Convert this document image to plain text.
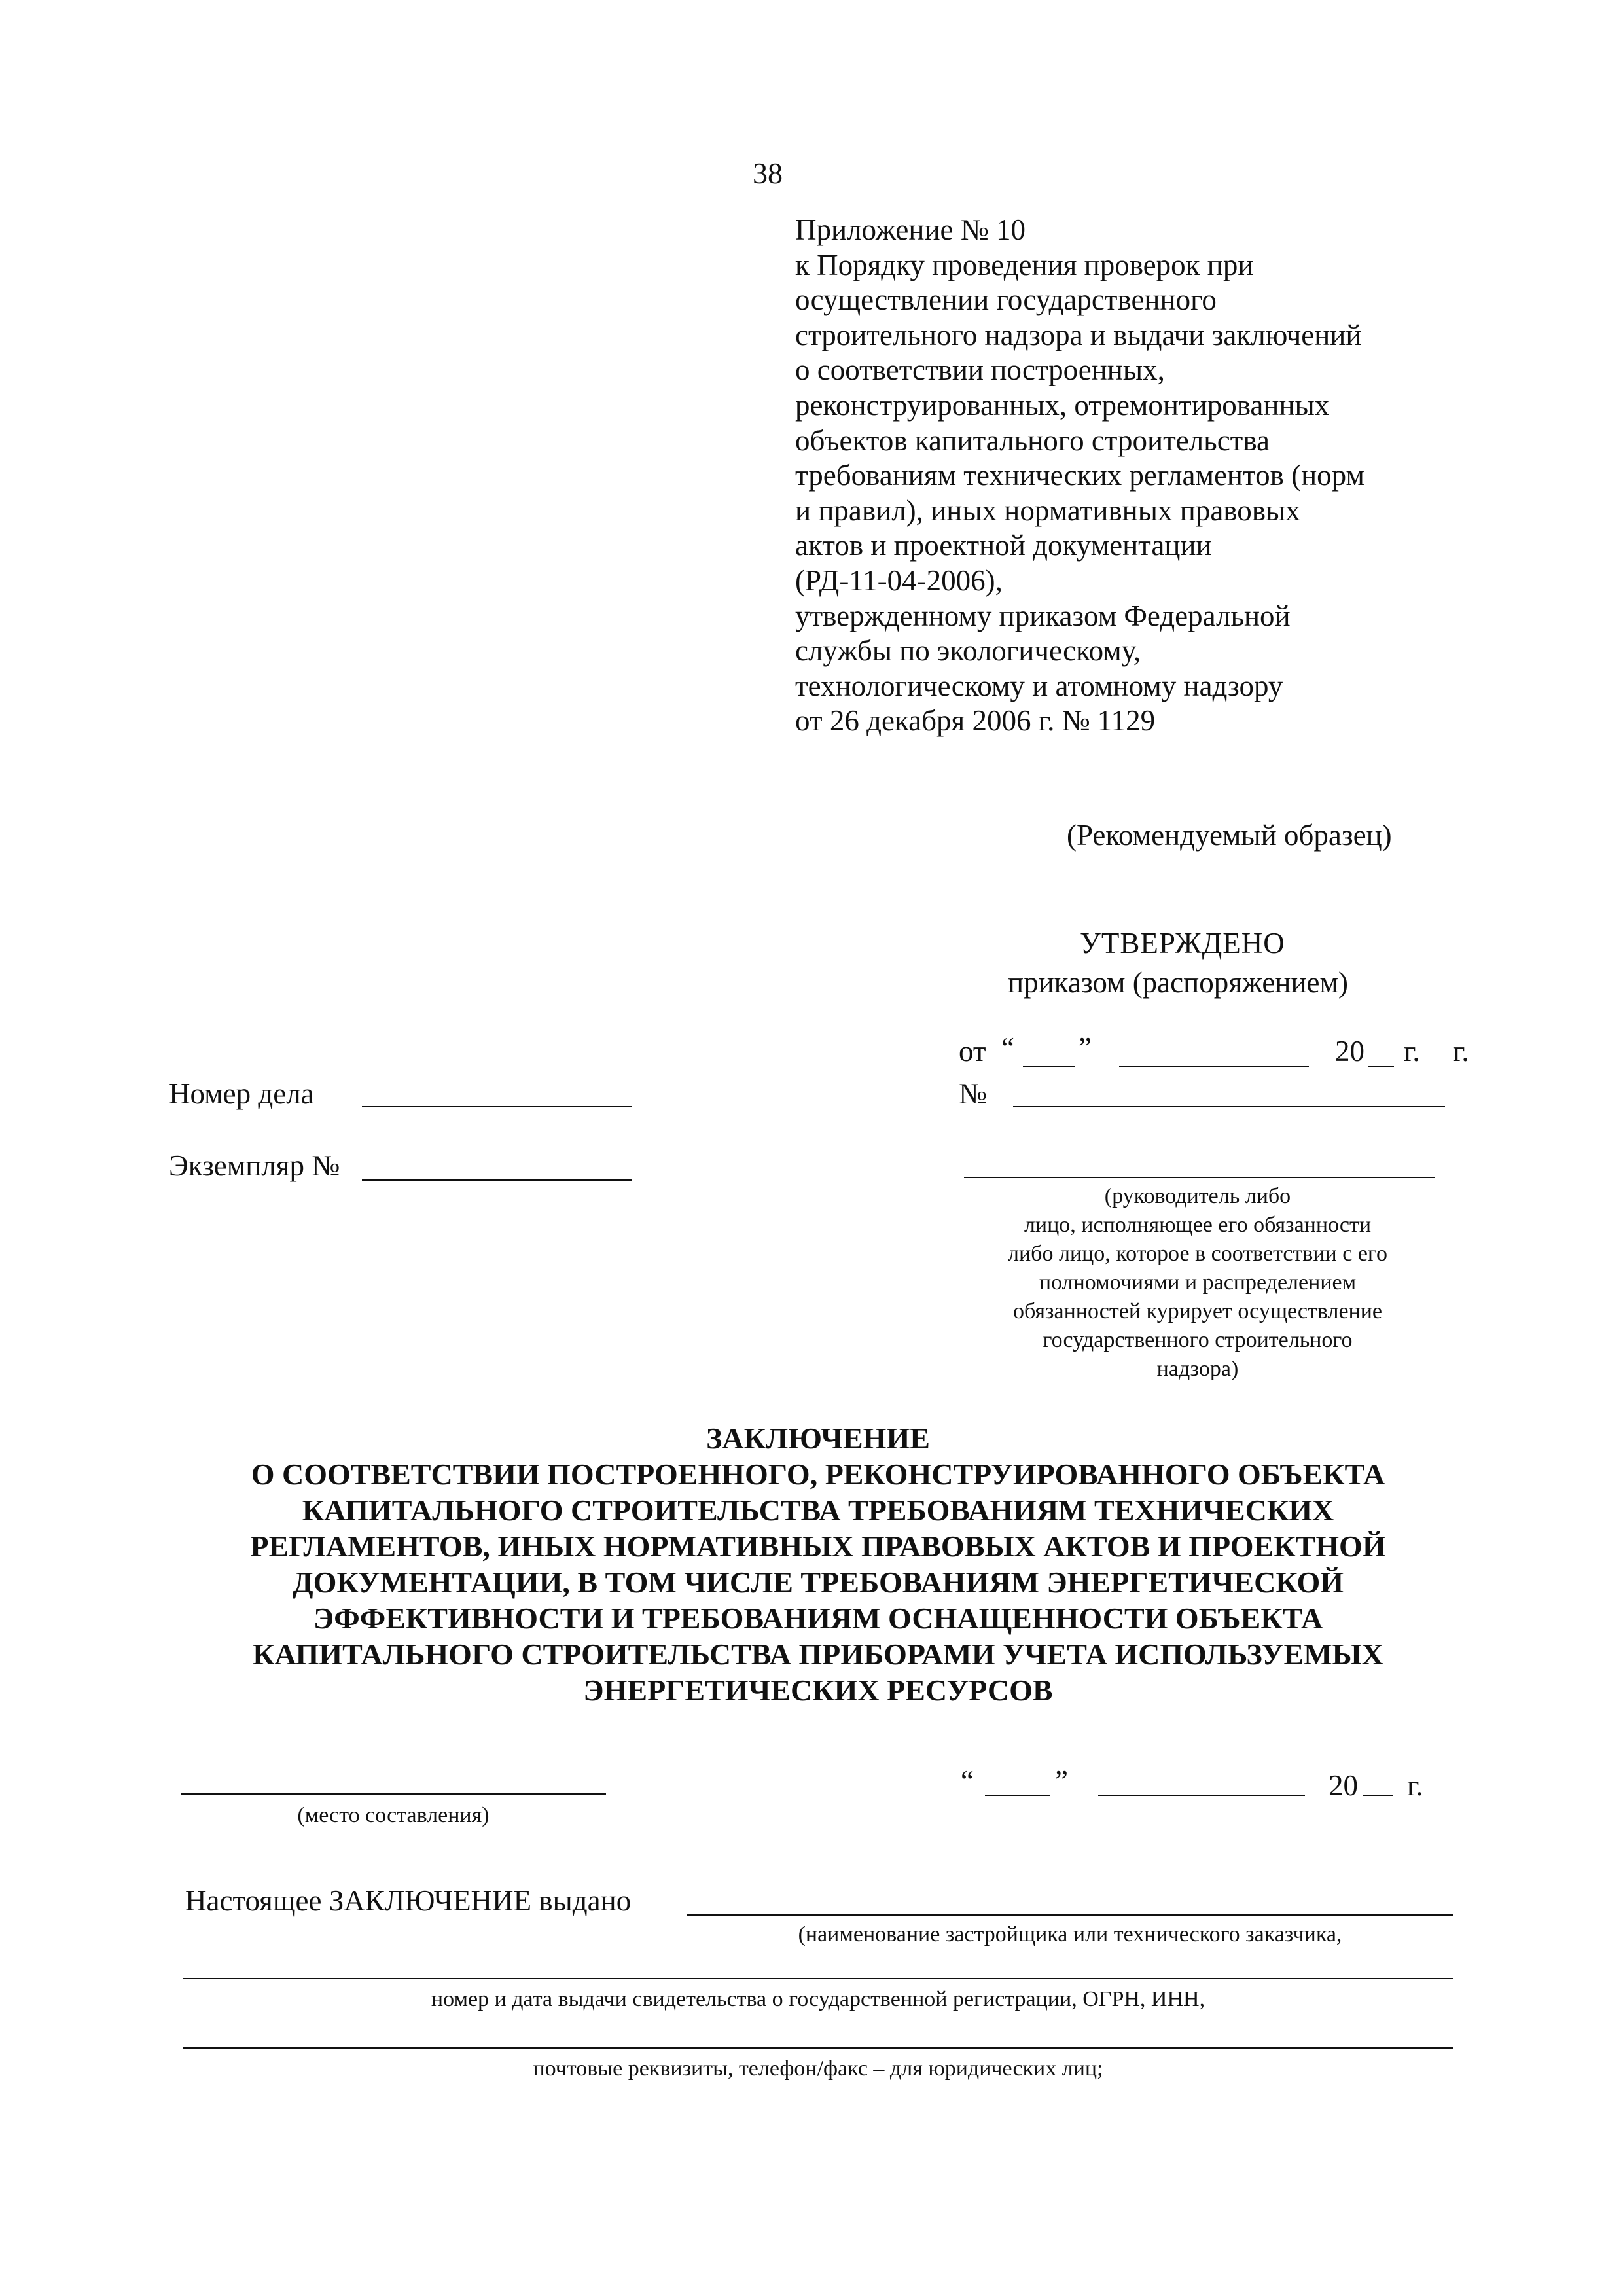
38
Приложение № 10
к Порядку проведения проверок при
осуществлении государственного
строительного надзора и выдачи заключений
о соответствии построенных,
реконструированных, отремонтированных
объектов капитального строительства
требованиям технических регламентов (норм
и правил), иных нормативных правовых
актов и проектной документации
(РД-11-04-2006),
утвержденному приказом Федеральной
службы по экологическому,
технологическому и атомному надзору
от 26 декабря 2006 г. № 1129
(Рекомендуемый образец)
УТВЕРЖДЕНО
приказом (распоряжением)
от “ ”	20 г. г.
№
Номер дела
Экземпляр №
(руководитель либо
лицо, исполняющее его обязанности
либо лицо, которое в соответствии с его
полномочиями и распределением
обязанностей курирует осуществление
государственного строительного
надзора)
ЗАКЛЮЧЕНИЕ
О СООТВЕТСТВИИ ПОСТРОЕННОГО, РЕКОНСТРУИРОВАННОГО ОБЪЕКТА
КАПИТАЛЬНОГО СТРОИТЕЛЬСТВА ТРЕБОВАНИЯМ ТЕХНИЧЕСКИХ
РЕГЛАМЕНТОВ, ИНЫХ НОРМАТИВНЫХ ПРАВОВЫХ АКТОВ И ПРОЕКТНОЙ
ДОКУМЕНТАЦИИ, В ТОМ ЧИСЛЕ ТРЕБОВАНИЯМ ЭНЕРГЕТИЧЕСКОЙ
ЭФФЕКТИВНОСТИ И ТРЕБОВАНИЯМ ОСНАЩЕННОСТИ ОБЪЕКТА
КАПИТАЛЬНОГО СТРОИТЕЛЬСТВА ПРИБОРАМИ УЧЕТА ИСПОЛЬЗУЕМЫХ
ЭНЕРГЕТИЧЕСКИХ РЕСУРСОВ
(место составления)
“	”	20 г.
Настоящее ЗАКЛЮЧЕНИЕ выдано
(наименование застройщика или технического заказчика,
номер и дата выдачи свидетельства о государственной регистрации, ОГРН, ИНН,
почтовые реквизиты, телефон/факс – для юридических лиц;
